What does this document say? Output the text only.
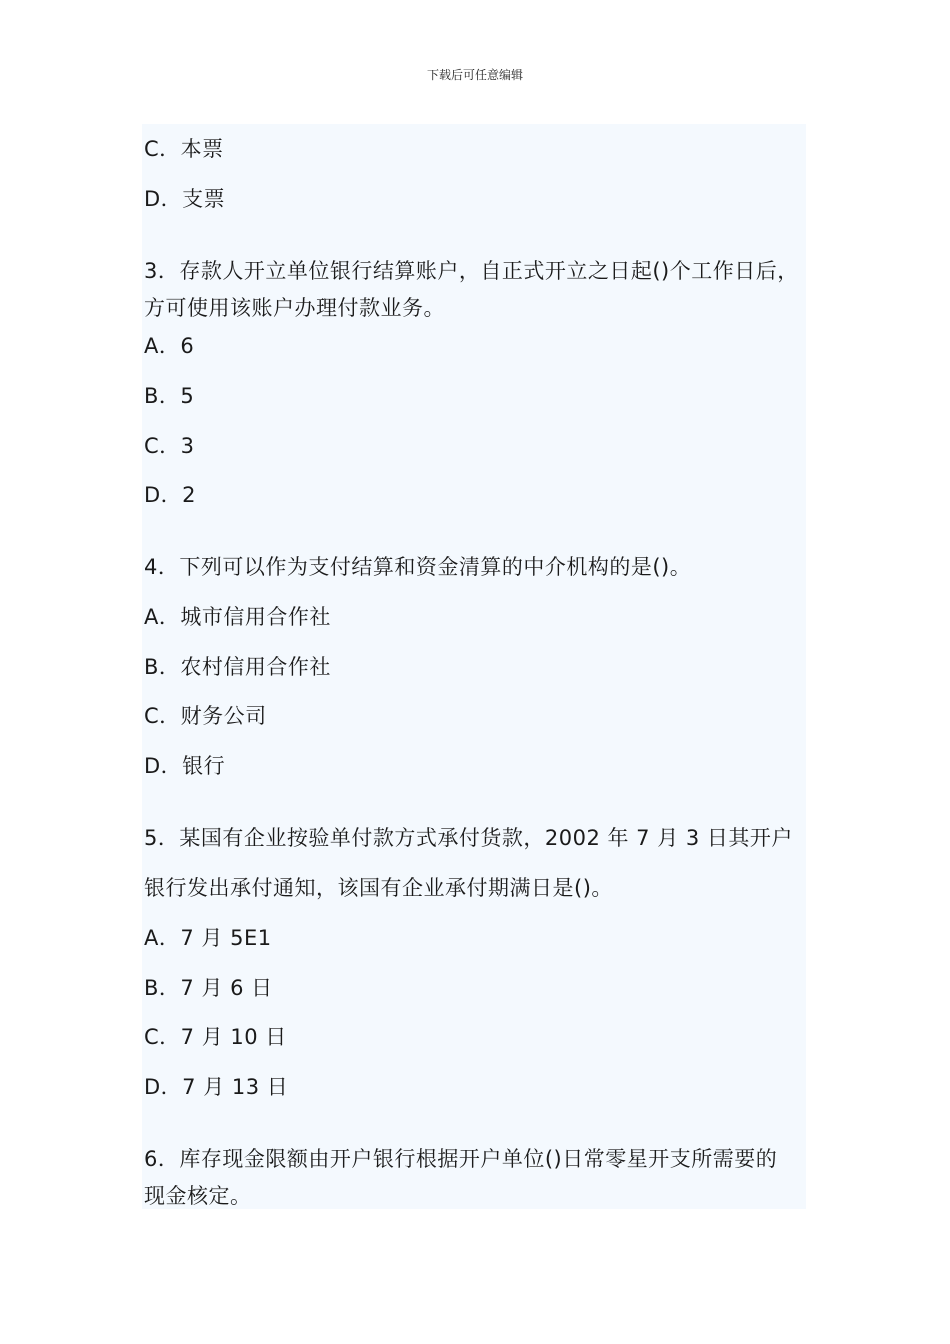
下载后可任意编辑
C．本票
D．支票
3．存款人开立单位银行结算账户，自正式开立之日起()个工作日后，
方可使用该账户办理付款业务。
A．6
B．5
C．3
D．2
4．下列可以作为支付结算和资金清算的中介机构的是()。
A．城市信用合作社
B．农村信用合作社
C．财务公司
D．银行
5．某国有企业按验单付款方式承付货款，2002 年 7 月 3 日其开户
银行发出承付通知，该国有企业承付期满日是()。
A．7 月 5E1
B．7 月 6 日
C．7 月 10 日
D．7 月 13 日
6．库存现金限额由开户银行根据开户单位()日常零星开支所需要的
现金核定。
